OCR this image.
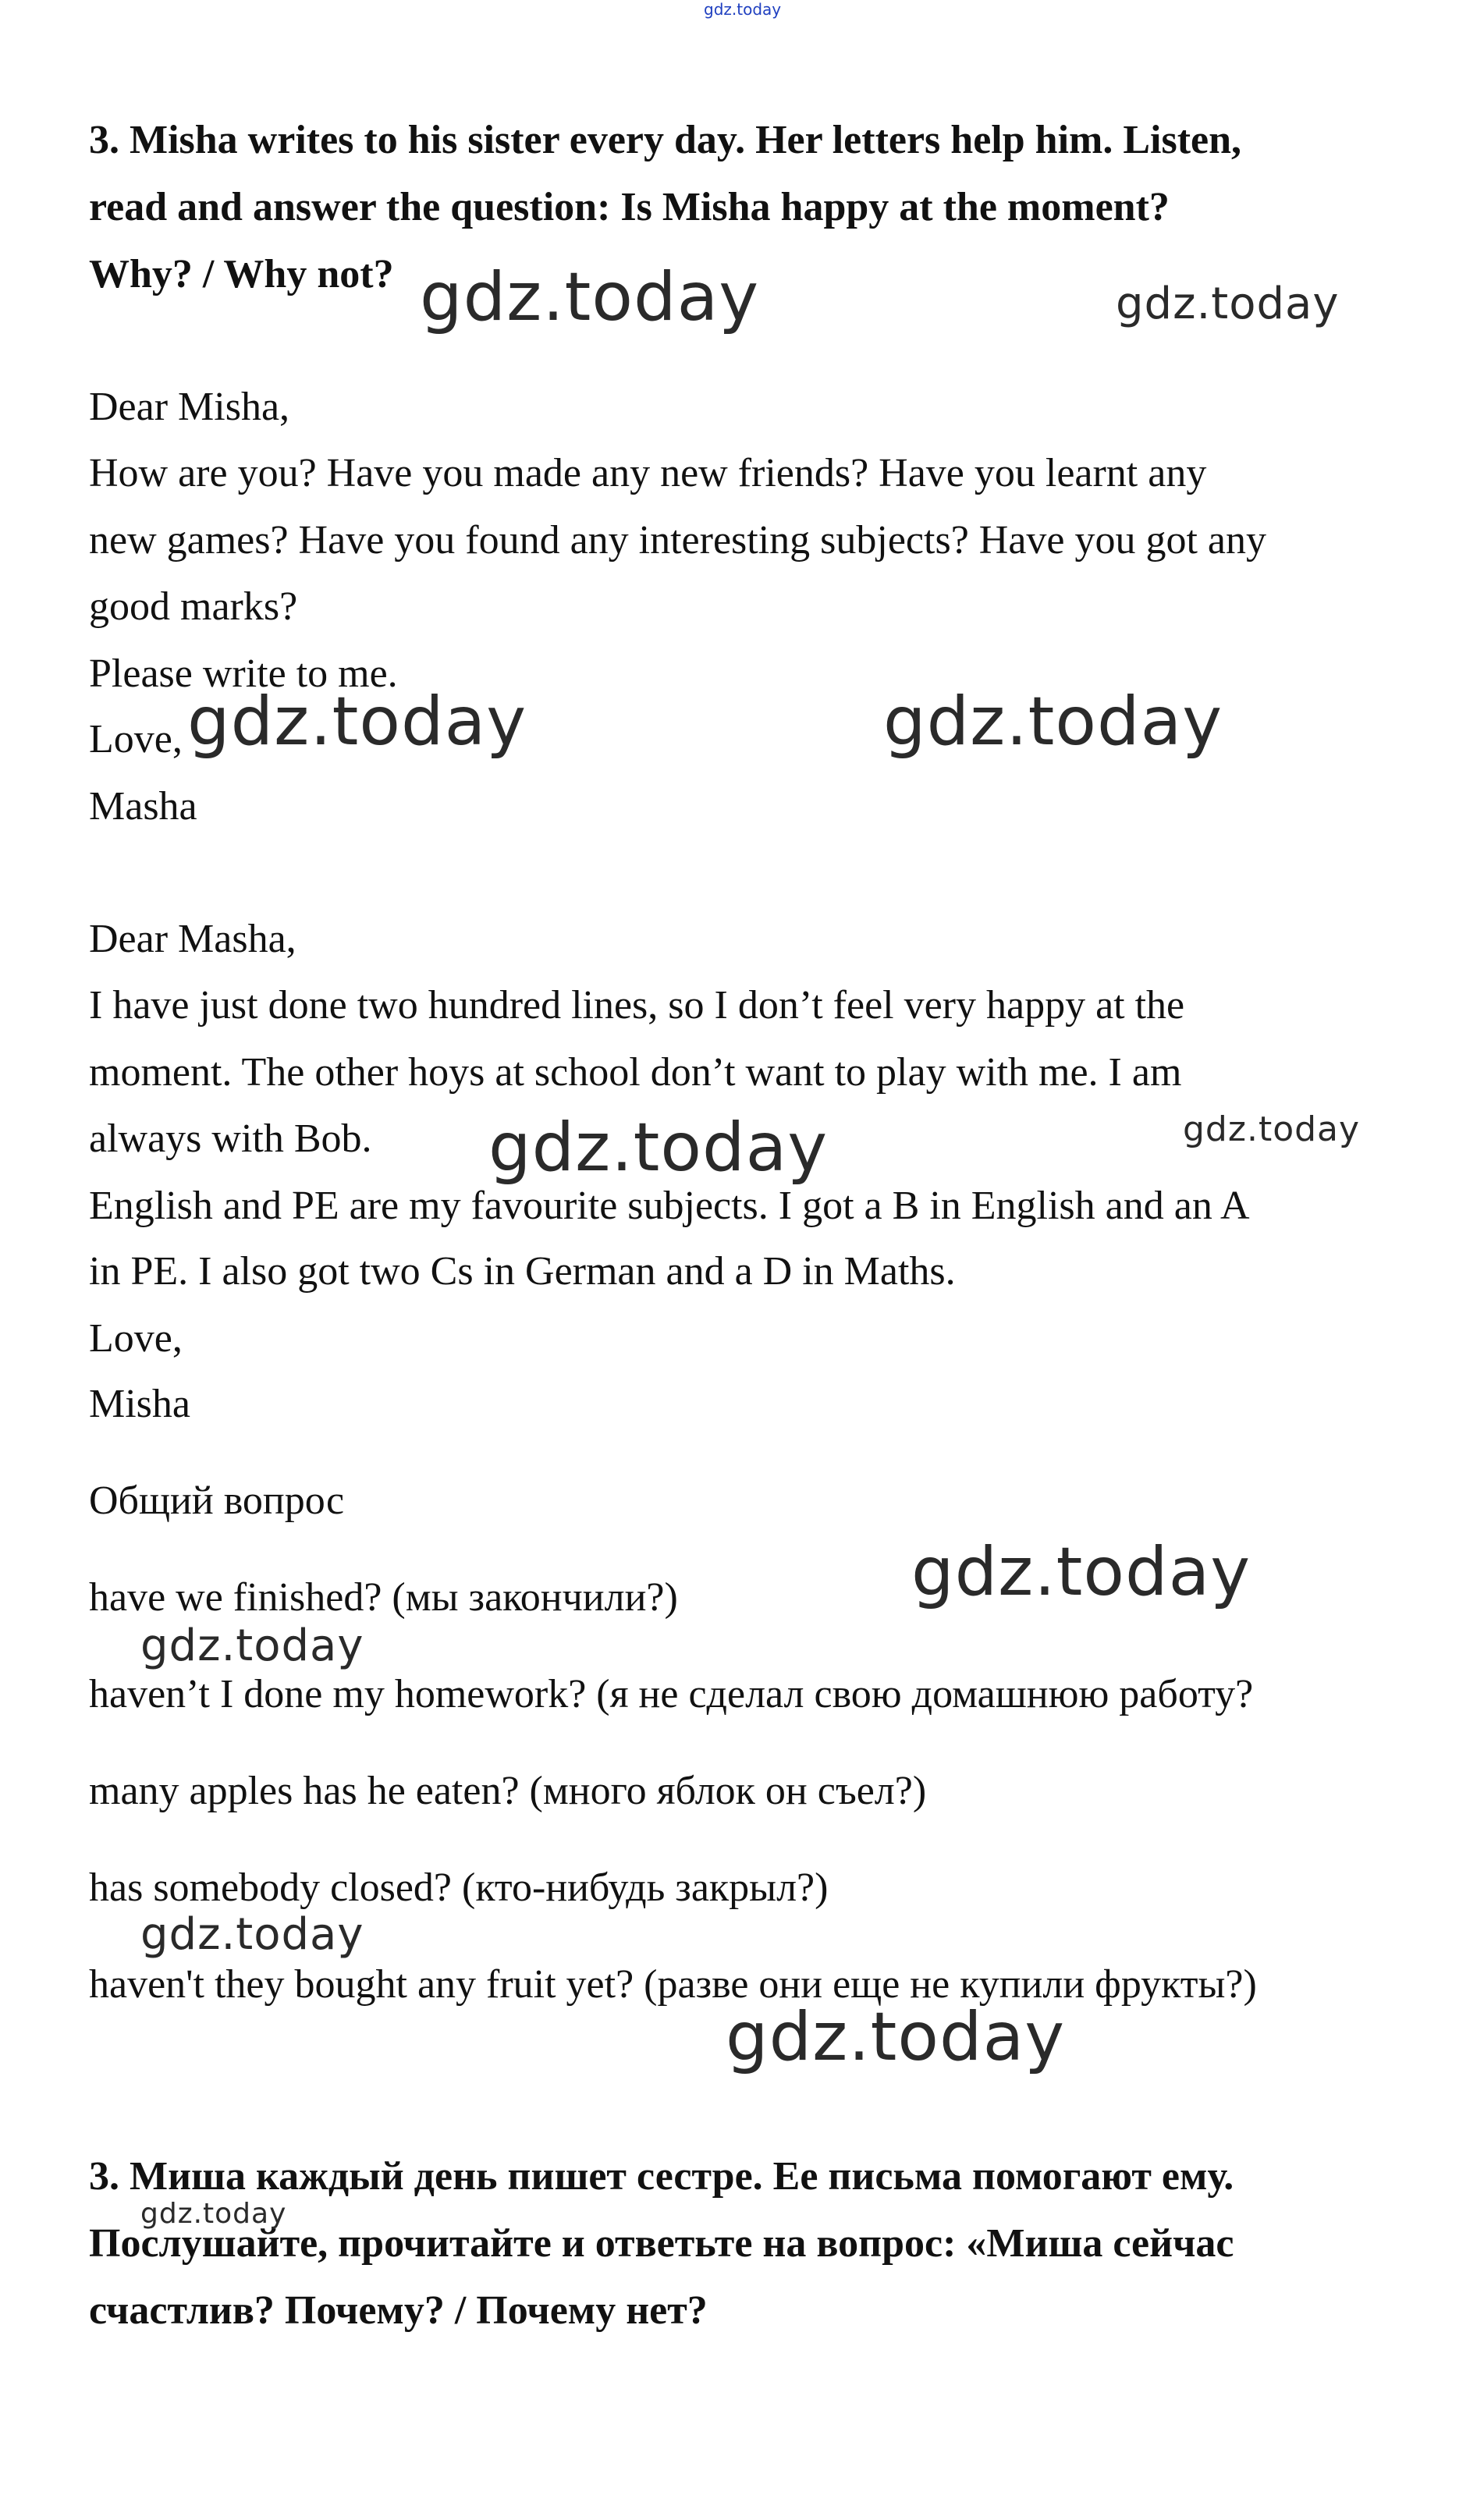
gdz.today
3. Misha writes to his sister every day. Her letters help him. Listen,
read and answer the question: Is Misha happy at the moment?
Why? / Why not?
Dear Misha,
How are you? Have you made any new friends? Have you learnt any
new games? Have you found any interesting subjects? Have you got any
good marks?
Please write to me.
Love,
Masha
Dear Masha,
I have just done two hundred lines, so I don’t feel very happy at the
moment. The other hoys at school don’t want to play with me. I am
always with Bob.
English and PE are my favourite subjects. I got a B in English and an A
in PE. I also got two Cs in German and a D in Maths.
Love,
Misha
Общий вопрос
have we finished? (мы закончили?)
haven’t I done my homework? (я не сделал свою домашнюю работу?
many apples has he eaten? (много яблок он съел?)
has somebody closed? (кто-нибудь закрыл?)
haven't they bought any fruit yet? (разве они еще не купили фрукты?)
3. Миша каждый день пишет сестре. Ее письма помогают ему.
Послушайте, прочитайте и ответьте на вопрос: «Миша сейчас
счастлив? Почему? / Почему нет?
gdz.today	gdz.today
gdz.today	gdz.today
gdz.today	gdz.today
gdz.today
gdz.today
gdz.today
gdz.today
gdz.today
